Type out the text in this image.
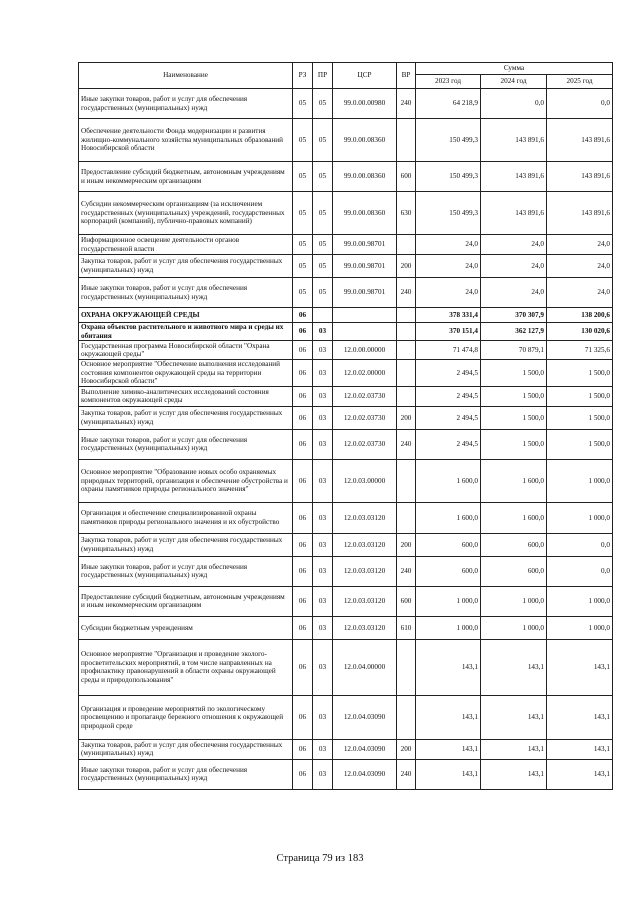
Наименование	РЗ	ПР	ЦСР	ВР	Сумма		
					2023 год	2024 год	2025 год
Иные закупки товаров, работ и услуг для обеспечения государственных (муниципальных) нужд	05	05	99.0.00.00980	240	64 218,9	0,0	0,0
Обеспечение деятельности Фонда модернизации и развития жилищно-коммунального хозяйства муниципальных образований Новосибирской области	05	05	99.0.00.08360		150 499,3	143 891,6	143 891,6
Предоставление субсидий бюджетным, автономным учреждениям и иным некоммерческим организациям	05	05	99.0.00.08360	600	150 499,3	143 891,6	143 891,6
Субсидии некоммерческим организациям (за исключением государственных (муниципальных) учреждений, государственных корпораций (компаний), публично-правовых компаний)	05	05	99.0.00.08360	630	150 499,3	143 891,6	143 891,6
Информационное освещение деятельности органов государственной власти	05	05	99.0.00.98701		24,0	24,0	24,0
Закупка товаров, работ и услуг для обеспечения государственных (муниципальных) нужд	05	05	99.0.00.98701	200	24,0	24,0	24,0
Иные закупки товаров, работ и услуг для обеспечения государственных (муниципальных) нужд	05	05	99.0.00.98701	240	24,0	24,0	24,0
ОХРАНА ОКРУЖАЮЩЕЙ СРЕДЫ	06				378 331,4	370 307,9	138 200,6
Охрана объектов растительного и животного мира и среды их обитания	06	03			370 151,4	362 127,9	130 020,6
Государственная программа Новосибирской области "Охрана окружающей среды"	06	03	12.0.00.00000		71 474,8	70 879,1	71 325,6
Основное мероприятие "Обеспечение выполнения исследований состояния компонентов окружающей среды на территории Новосибирской области"	06	03	12.0.02.00000		2 494,5	1 500,0	1 500,0
Выполнение химико-аналитических исследований состояния компонентов окружающей среды	06	03	12.0.02.03730		2 494,5	1 500,0	1 500,0
Закупка товаров, работ и услуг для обеспечения государственных (муниципальных) нужд	06	03	12.0.02.03730	200	2 494,5	1 500,0	1 500,0
Иные закупки товаров, работ и услуг для обеспечения государственных (муниципальных) нужд	06	03	12.0.02.03730	240	2 494,5	1 500,0	1 500,0
Основное мероприятие "Образование новых особо охраняемых природных территорий, организация и обеспечение обустройства и охраны памятников природы регионального значения"	06	03	12.0.03.00000		1 600,0	1 600,0	1 000,0
Организация и обеспечение специализированной охраны памятников природы регионального значения и их обустройство	06	03	12.0.03.03120		1 600,0	1 600,0	1 000,0
Закупка товаров, работ и услуг для обеспечения государственных (муниципальных) нужд	06	03	12.0.03.03120	200	600,0	600,0	0,0
Иные закупки товаров, работ и услуг для обеспечения государственных (муниципальных) нужд	06	03	12.0.03.03120	240	600,0	600,0	0,0
Предоставление субсидий бюджетным, автономным учреждениям и иным некоммерческим организациям	06	03	12.0.03.03120	600	1 000,0	1 000,0	1 000,0
Субсидии бюджетным учреждениям	06	03	12.0.03.03120	610	1 000,0	1 000,0	1 000,0
Основное мероприятие "Организация и проведение эколого-просветительских мероприятий, в том числе направленных на профилактику правонарушений в области охраны окружающей среды и природопользования"	06	03	12.0.04.00000		143,1	143,1	143,1
Организация и проведение мероприятий по экологическому просвещению и пропаганде бережного отношения к окружающей природной среде	06	03	12.0.04.03090		143,1	143,1	143,1
Закупка товаров, работ и услуг для обеспечения государственных (муниципальных) нужд	06	03	12.0.04.03090	200	143,1	143,1	143,1
Иные закупки товаров, работ и услуг для обеспечения государственных (муниципальных) нужд	06	03	12.0.04.03090	240	143,1	143,1	143,1
Страница 79 из 183
